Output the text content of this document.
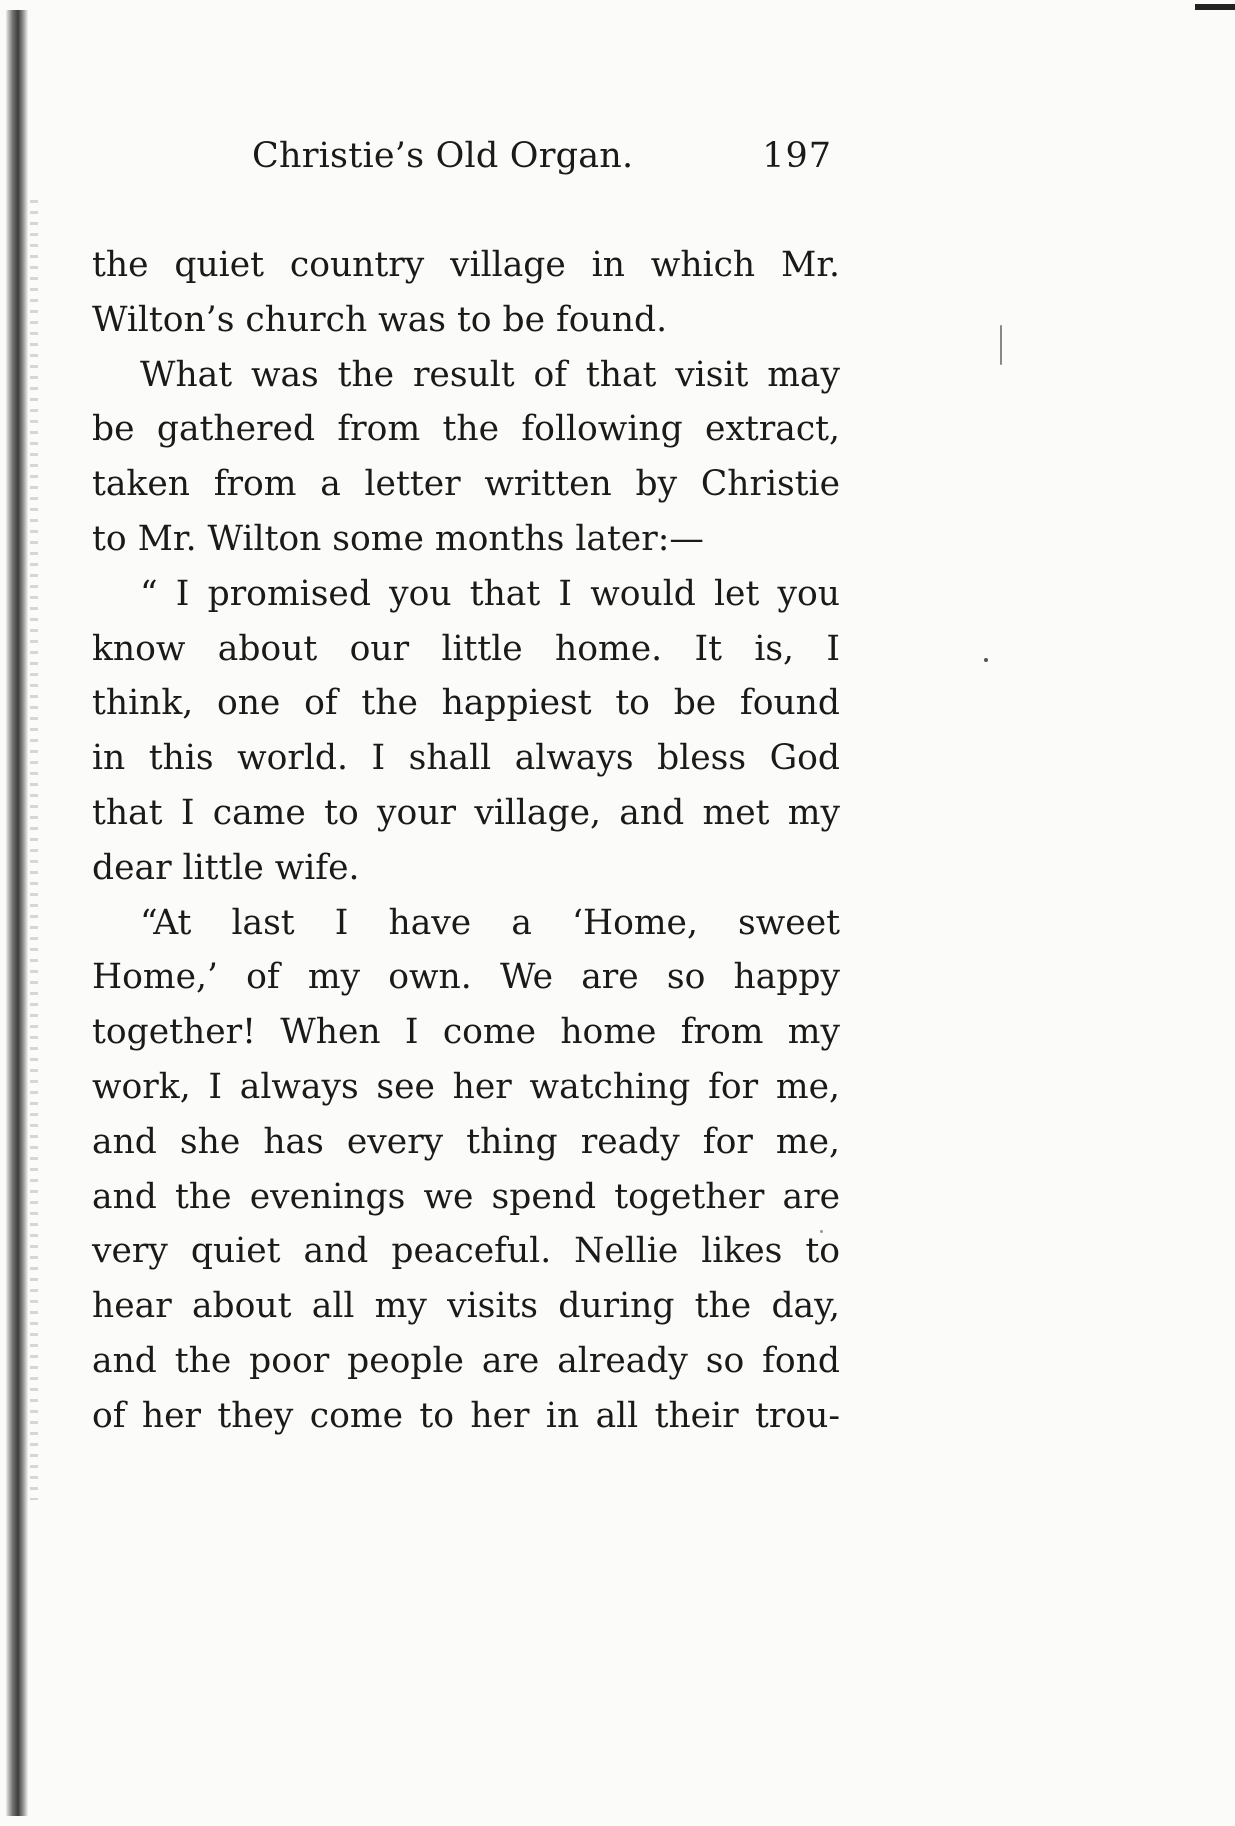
Christie’s Old Organ.	197
the quiet country village in which Mr.
Wilton’s church was to be found.
What was the result of that visit may
be gathered from the following extract,
taken from a letter written by Christie
to Mr. Wilton some months later:—
“ I promised you that I would let you
know about our little home. It is, I
think, one of the happiest to be found
in this world. I shall always bless God
that I came to your village, and met my
dear little wife.
“At last I have a ‘Home, sweet
Home,’ of my own. We are so happy
together! When I come home from my
work, I always see her watching for me,
and she has every thing ready for me,
and the evenings we spend together are
very quiet and peaceful. Nellie likes to
hear about all my visits during the day,
and the poor people are already so fond
of her they come to her in all their trou-
